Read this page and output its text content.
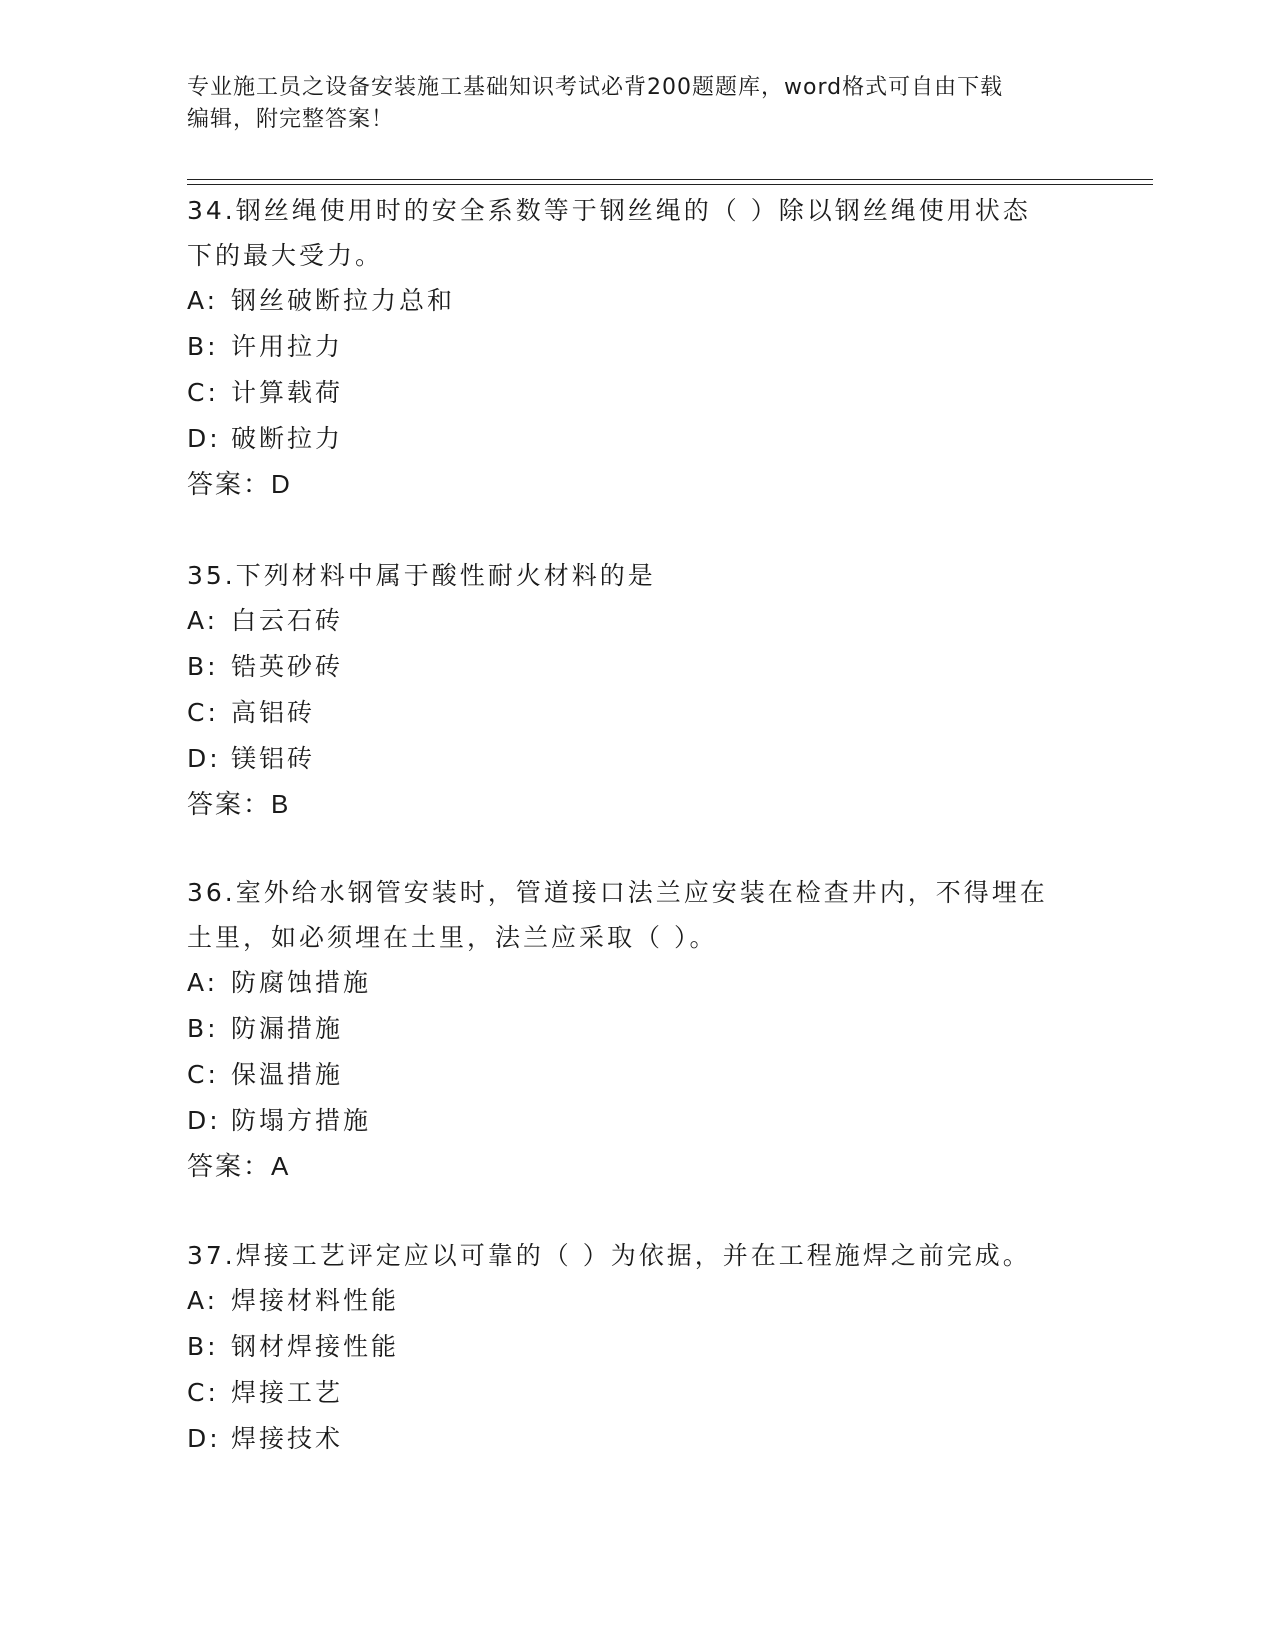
专业施工员之设备安装施工基础知识考试必背200题题库，word格式可自由下载

编辑，附完整答案！

34.钢丝绳使用时的安全系数等于钢丝绳的（ ）除以钢丝绳使用状态

下的最大受力。

A: 钢丝破断拉力总和

B: 许用拉力

C: 计算载荷

D: 破断拉力

答案：D

35.下列材料中属于酸性耐火材料的是

A: 白云石砖

B: 锆英砂砖

C: 高铝砖

D: 镁铝砖

答案：B

36.室外给水钢管安装时，管道接口法兰应安装在检查井内，不得埋在

土里，如必须埋在土里，法兰应采取（ ）。

A: 防腐蚀措施

B: 防漏措施

C: 保温措施

D: 防塌方措施

答案：A

37.焊接工艺评定应以可靠的（ ）为依据，并在工程施焊之前完成。

A: 焊接材料性能

B: 钢材焊接性能

C: 焊接工艺

D: 焊接技术
